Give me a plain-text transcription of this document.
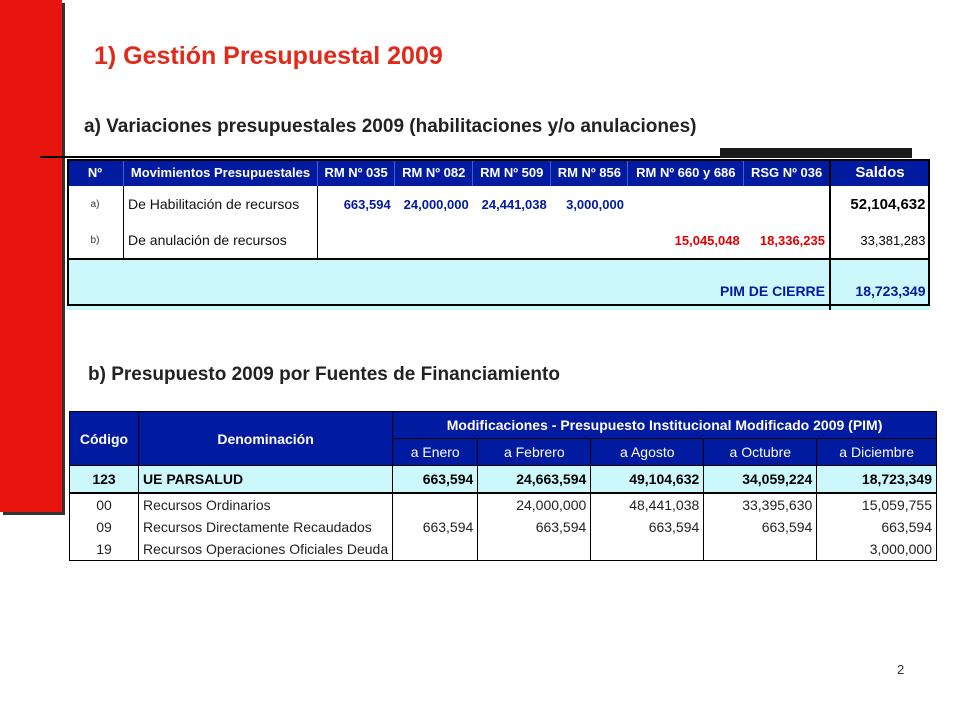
1) Gestión Presupuestal 2009
a) Variaciones presupuestales 2009 (habilitaciones y/o anulaciones)
Nº	Movimientos Presupuestales	RM Nº 035	RM Nº 082	RM Nº 509	RM Nº 856	RM Nº 660 y 686	RSG Nº 036	Saldos
a)	De Habilitación de recursos	663,594	24,000,000	24,441,038	3,000,000			52,104,632
b)	De anulación de recursos					15,045,048	18,336,235	33,381,283
PIM DE CIERRE								18,723,349
b) Presupuesto 2009 por Fuentes de Financiamiento
Código	Denominación	Modificaciones - Presupuesto Institucional Modificado 2009 (PIM)				
		a Enero	a Febrero	a Agosto	a Octubre	a Diciembre
123	UE PARSALUD	663,594	24,663,594	49,104,632	34,059,224	18,723,349
00	Recursos Ordinarios		24,000,000	48,441,038	33,395,630	15,059,755
09	Recursos Directamente Recaudados	663,594	663,594	663,594	663,594	663,594
19	Recursos Operaciones Oficiales Deuda					3,000,000
2
